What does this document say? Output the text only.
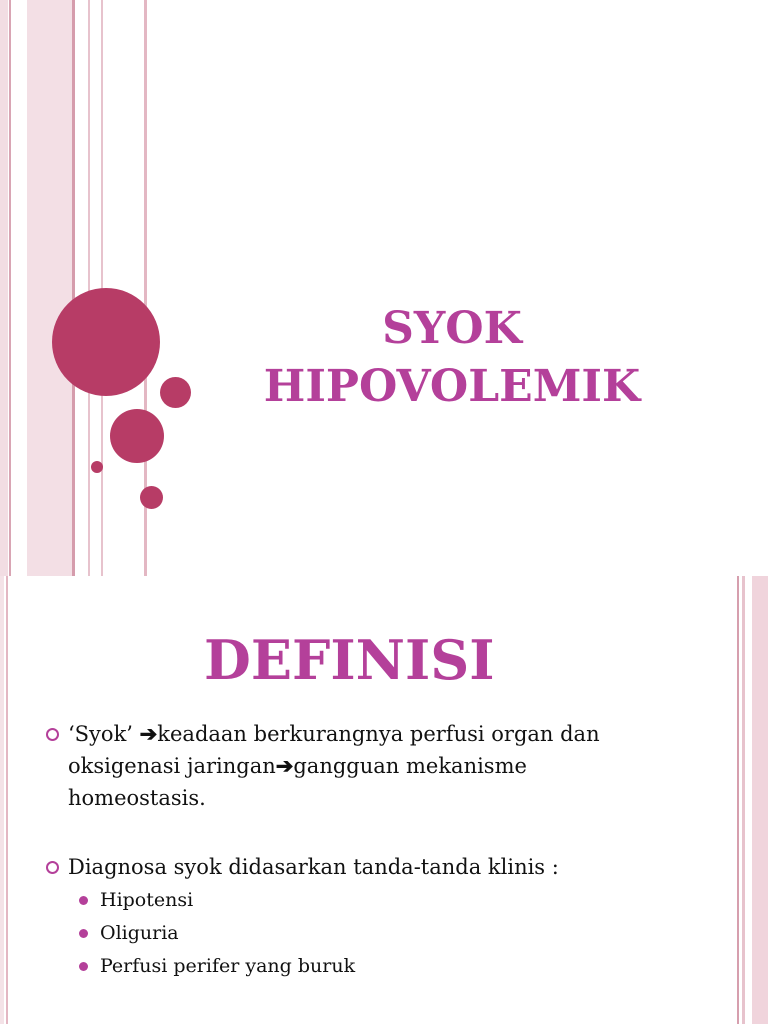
SYOK
HIPOVOLEMIK
DEFINISI
‘Syok’ ➔keadaan berkurangnya perfusi organ dan oksigenasi jaringan➔gangguan mekanisme homeostasis.
Diagnosa syok didasarkan tanda-tanda klinis :
Hipotensi
Oliguria
Perfusi perifer yang buruk
